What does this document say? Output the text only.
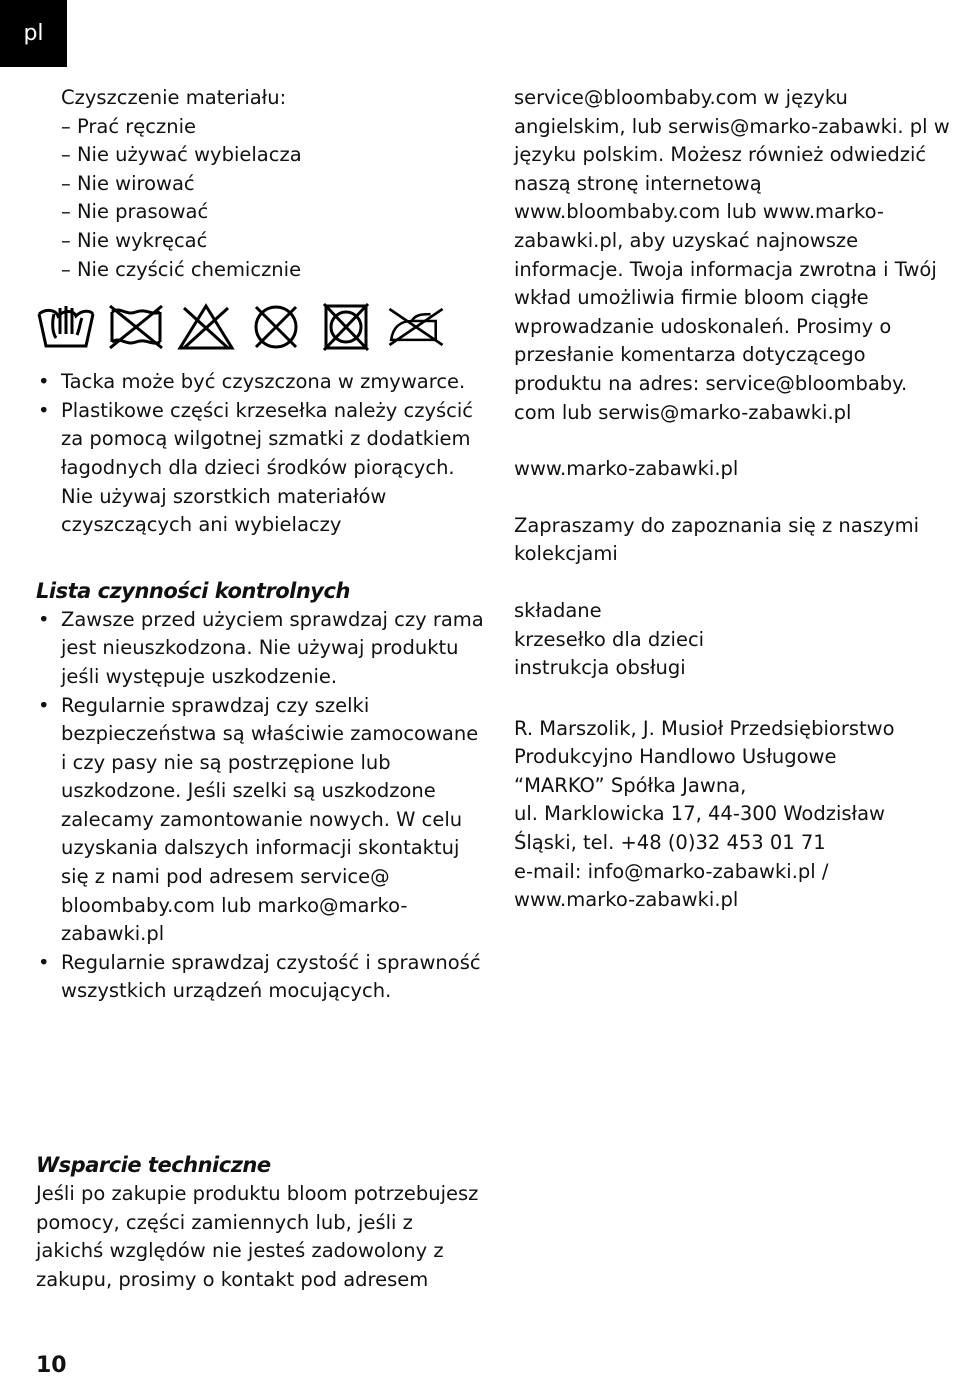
pl
Czyszczenie materiału:
– Prać ręcznie
– Nie używać wybielacza
– Nie wirować
– Nie prasować
– Nie wykręcać
– Nie czyścić chemicznie
• Tacka może być czyszczona w zmywarce.
• Plastikowe części krzesełka należy czyścić za pomocą wilgotnej szmatki z dodatkiem łagodnych dla dzieci środków piorących. Nie używaj szorstkich materiałów czyszczących ani wybielaczy
Lista czynności kontrolnych
• Zawsze przed użyciem sprawdzaj czy rama jest nieuszkodzona. Nie używaj produktu jeśli występuje uszkodzenie.
• Regularnie sprawdzaj czy szelki bezpieczeństwa są właściwie zamocowane i czy pasy nie są postrzępione lub uszkodzone. Jeśli szelki są uszkodzone zalecamy zamontowanie nowych. W celu uzyskania dalszych informacji skontaktuj się z nami pod adresem service@ bloombaby.com lub marko@marko-zabawki.pl
• Regularnie sprawdzaj czystość i sprawność wszystkich urządzeń mocujących.
Wsparcie techniczne

Jeśli po zakupie produktu bloom potrzebujesz pomocy, części zamiennych lub, jeśli z jakichś względów nie jesteś zadowolony z zakupu, prosimy o kontakt pod adresem

service@bloombaby.com w języku angielskim, lub serwis@marko-zabawki. pl w języku polskim. Możesz również odwiedzić naszą stronę internetową www.bloombaby.com lub www.marko-zabawki.pl, aby uzyskać najnowsze informacje. Twoja informacja zwrotna i Twój wkład umożliwia firmie bloom ciągłe wprowadzanie udoskonaleń. Prosimy o przesłanie komentarza dotyczącego produktu na adres: service@bloombaby. com lub serwis@marko-zabawki.pl

www.marko-zabawki.pl

Zapraszamy do zapoznania się z naszymi kolekcjami

składane
krzesełko dla dzieci
instrukcja obsługi
R. Marszolik, J. Musioł Przedsiębiorstwo
Produkcyjno Handlowo Usługowe
“MARKO” Spółka Jawna,
ul. Marklowicka 17, 44-300 Wodzisław
Śląski, tel. +48 (0)32 453 01 71
e-mail: info@marko-zabawki.pl /
www.marko-zabawki.pl
10
